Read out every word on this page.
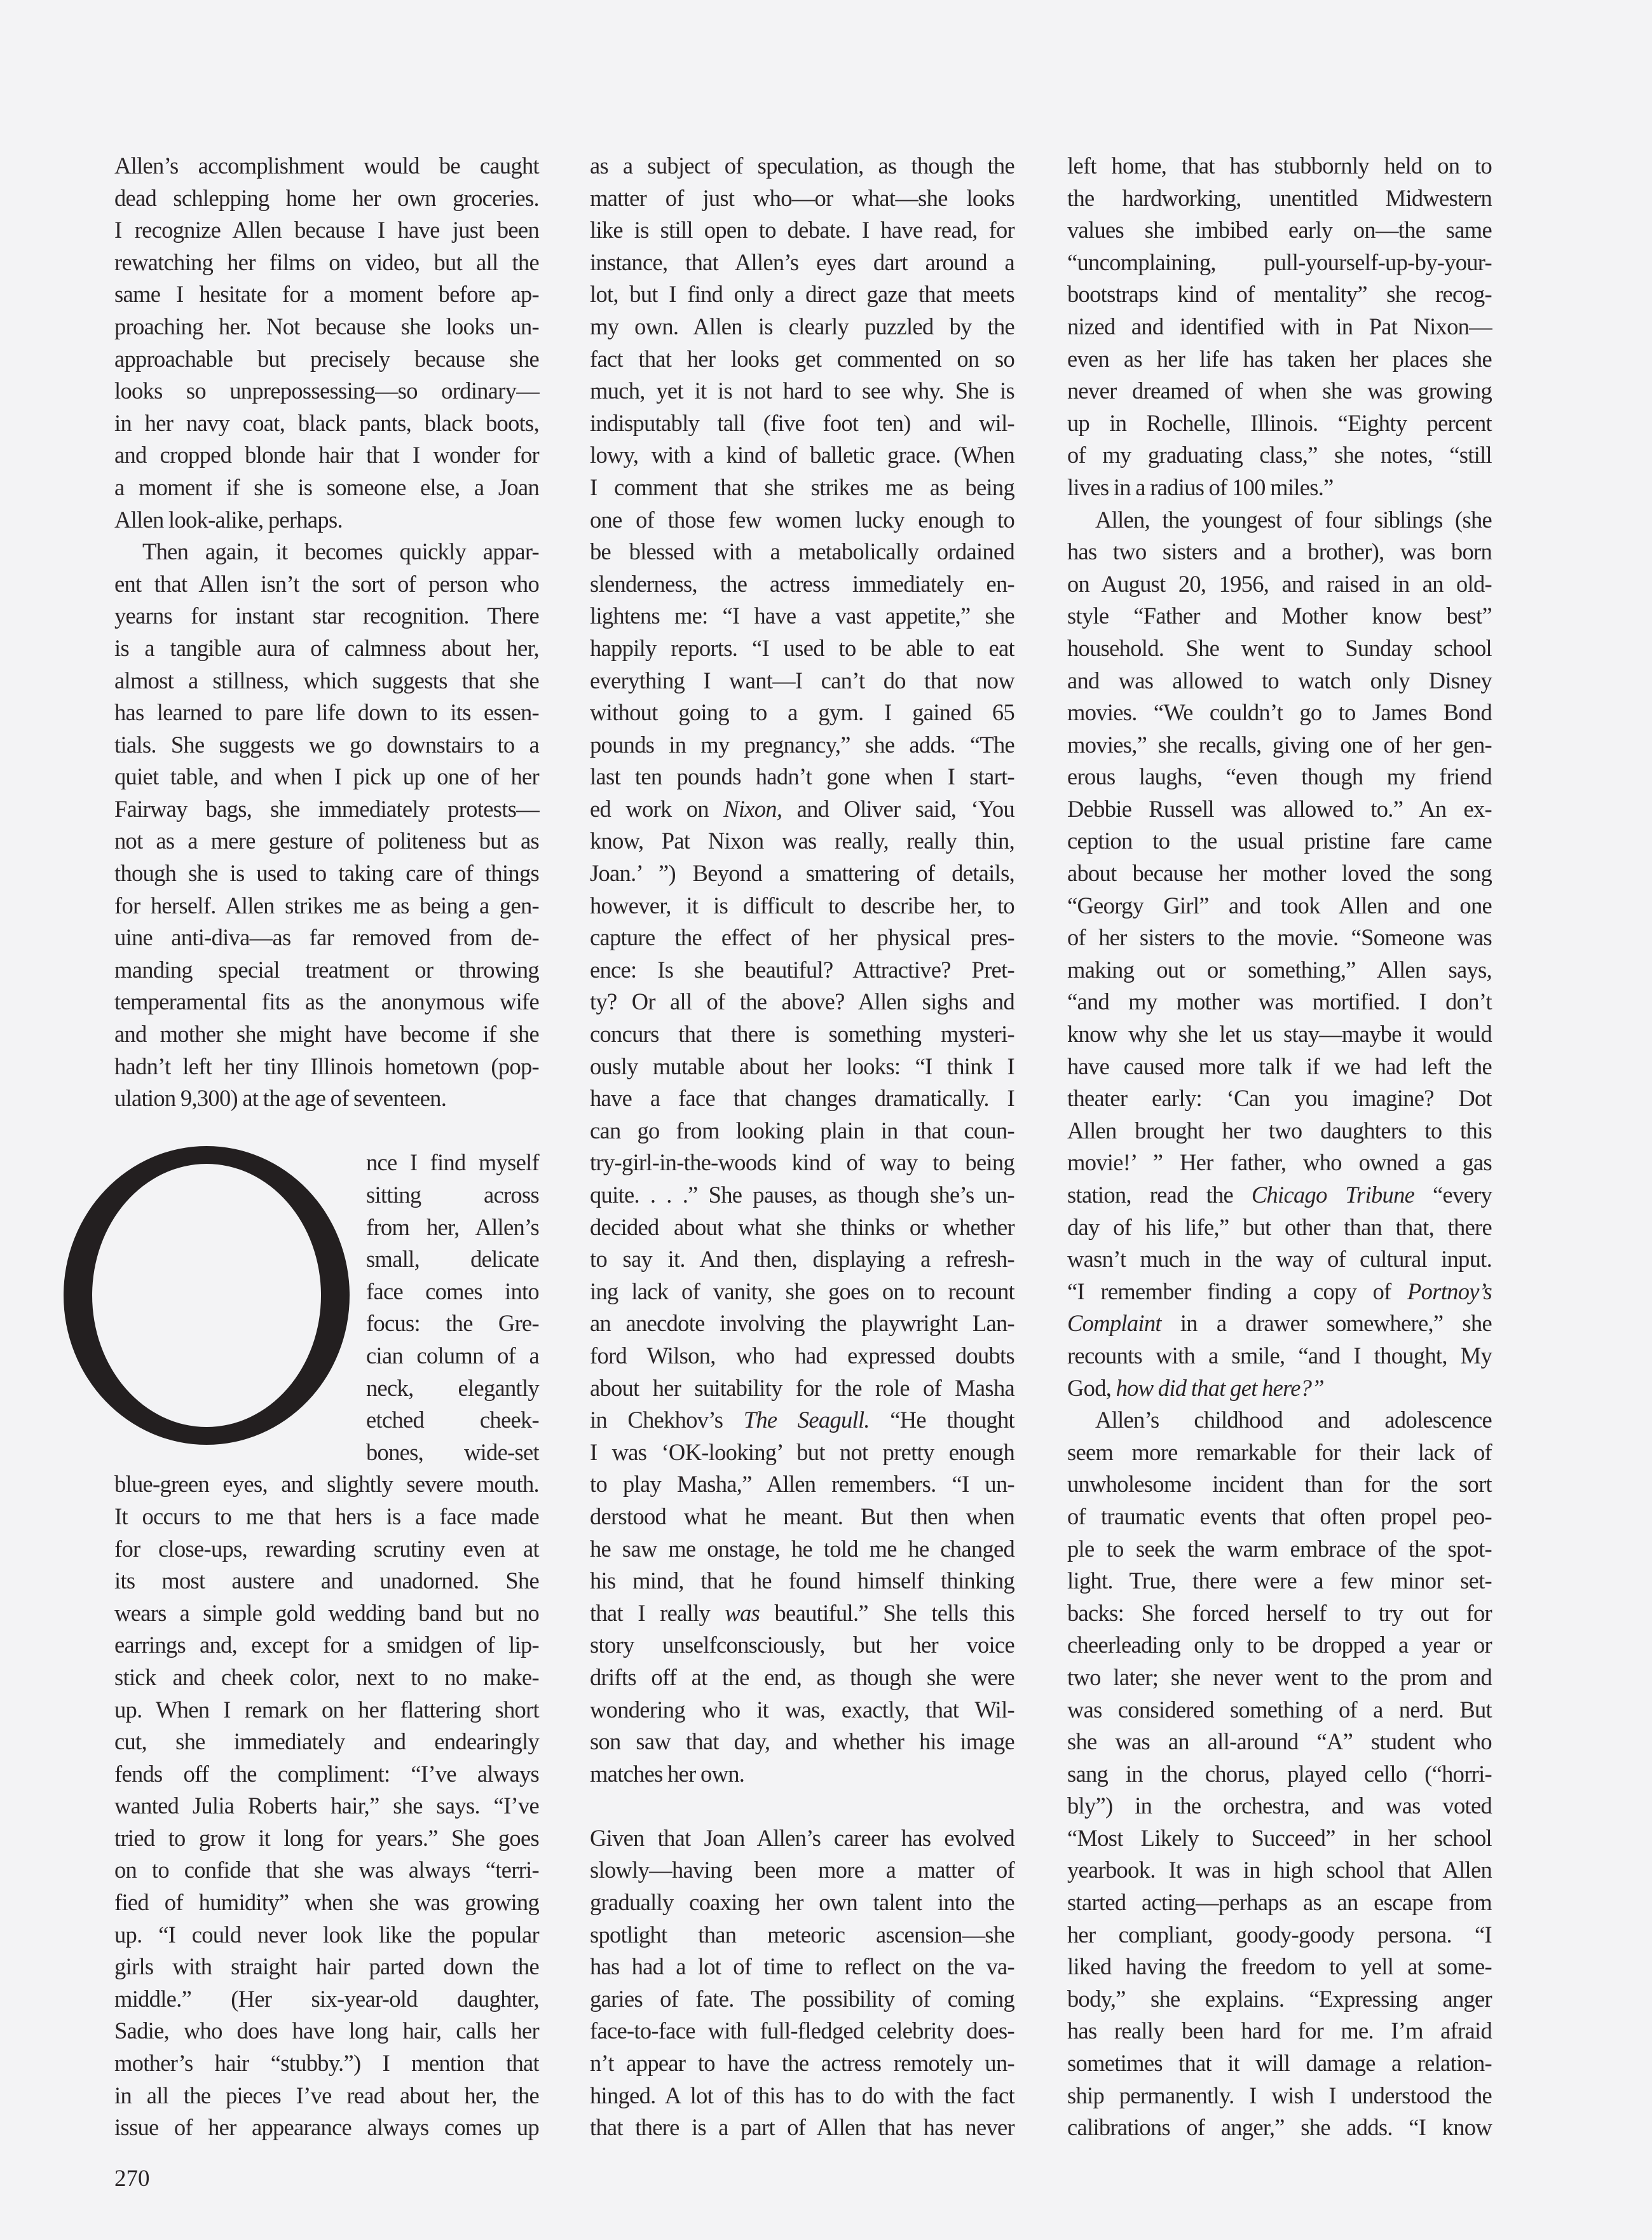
Allen’s accomplishment would be caught
dead schlepping home her own groceries.
I recognize Allen because I have just been
rewatching her films on video, but all the
same I hesitate for a moment before ap-
proaching her. Not because she looks un-
approachable but precisely because she
looks so unprepossessing—so ordinary—
in her navy coat, black pants, black boots,
and cropped blonde hair that I wonder for
a moment if she is someone else, a Joan
Allen look-alike, perhaps.
Then again, it becomes quickly appar-
ent that Allen isn’t the sort of person who
yearns for instant star recognition. There
is a tangible aura of calmness about her,
almost a stillness, which suggests that she
has learned to pare life down to its essen-
tials. She suggests we go downstairs to a
quiet table, and when I pick up one of her
Fairway bags, she immediately protests—
not as a mere gesture of politeness but as
though she is used to taking care of things
for herself. Allen strikes me as being a gen-
uine anti-diva—as far removed from de-
manding special treatment or throwing
temperamental fits as the anonymous wife
and mother she might have become if she
hadn’t left her tiny Illinois hometown (pop-
ulation 9,300) at the age of seventeen.
nce I find myself
sitting across
from her, Allen’s
small, delicate
face comes into
focus: the Gre-
cian column of a
neck, elegantly
etched cheek-
bones, wide-set
blue-green eyes, and slightly severe mouth.
It occurs to me that hers is a face made
for close-ups, rewarding scrutiny even at
its most austere and unadorned. She
wears a simple gold wedding band but no
earrings and, except for a smidgen of lip-
stick and cheek color, next to no make-
up. When I remark on her flattering short
cut, she immediately and endearingly
fends off the compliment: “I’ve always
wanted Julia Roberts hair,” she says. “I’ve
tried to grow it long for years.” She goes
on to confide that she was always “terri-
fied of humidity” when she was growing
up. “I could never look like the popular
girls with straight hair parted down the
middle.” (Her six-year-old daughter,
Sadie, who does have long hair, calls her
mother’s hair “stubby.”) I mention that
in all the pieces I’ve read about her, the
issue of her appearance always comes up
as a subject of speculation, as though the
matter of just who—or what—she looks
like is still open to debate. I have read, for
instance, that Allen’s eyes dart around a
lot, but I find only a direct gaze that meets
my own. Allen is clearly puzzled by the
fact that her looks get commented on so
much, yet it is not hard to see why. She is
indisputably tall (five foot ten) and wil-
lowy, with a kind of balletic grace. (When
I comment that she strikes me as being
one of those few women lucky enough to
be blessed with a metabolically ordained
slenderness, the actress immediately en-
lightens me: “I have a vast appetite,” she
happily reports. “I used to be able to eat
everything I want—I can’t do that now
without going to a gym. I gained 65
pounds in my pregnancy,” she adds. “The
last ten pounds hadn’t gone when I start-
ed work on Nixon, and Oliver said, ‘You
know, Pat Nixon was really, really thin,
Joan.’ ”) Beyond a smattering of details,
however, it is difficult to describe her, to
capture the effect of her physical pres-
ence: Is she beautiful? Attractive? Pret-
ty? Or all of the above? Allen sighs and
concurs that there is something mysteri-
ously mutable about her looks: “I think I
have a face that changes dramatically. I
can go from looking plain in that coun-
try-girl-in-the-woods kind of way to being
quite. . . .” She pauses, as though she’s un-
decided about what she thinks or whether
to say it. And then, displaying a refresh-
ing lack of vanity, she goes on to recount
an anecdote involving the playwright Lan-
ford Wilson, who had expressed doubts
about her suitability for the role of Masha
in Chekhov’s The Seagull. “He thought
I was ‘OK-looking’ but not pretty enough
to play Masha,” Allen remembers. “I un-
derstood what he meant. But then when
he saw me onstage, he told me he changed
his mind, that he found himself thinking
that I really was beautiful.” She tells this
story unselfconsciously, but her voice
drifts off at the end, as though she were
wondering who it was, exactly, that Wil-
son saw that day, and whether his image
matches her own.
Given that Joan Allen’s career has evolved
slowly—having been more a matter of
gradually coaxing her own talent into the
spotlight than meteoric ascension—she
has had a lot of time to reflect on the va-
garies of fate. The possibility of coming
face-to-face with full-fledged celebrity does-
n’t appear to have the actress remotely un-
hinged. A lot of this has to do with the fact
that there is a part of Allen that has never
left home, that has stubbornly held on to
the hardworking, unentitled Midwestern
values she imbibed early on—the same
“uncomplaining, pull-yourself-up-by-your-
bootstraps kind of mentality” she recog-
nized and identified with in Pat Nixon—
even as her life has taken her places she
never dreamed of when she was growing
up in Rochelle, Illinois. “Eighty percent
of my graduating class,” she notes, “still
lives in a radius of 100 miles.”
Allen, the youngest of four siblings (she
has two sisters and a brother), was born
on August 20, 1956, and raised in an old-
style “Father and Mother know best”
household. She went to Sunday school
and was allowed to watch only Disney
movies. “We couldn’t go to James Bond
movies,” she recalls, giving one of her gen-
erous laughs, “even though my friend
Debbie Russell was allowed to.” An ex-
ception to the usual pristine fare came
about because her mother loved the song
“Georgy Girl” and took Allen and one
of her sisters to the movie. “Someone was
making out or something,” Allen says,
“and my mother was mortified. I don’t
know why she let us stay—maybe it would
have caused more talk if we had left the
theater early: ‘Can you imagine? Dot
Allen brought her two daughters to this
movie!’ ” Her father, who owned a gas
station, read the Chicago Tribune “every
day of his life,” but other than that, there
wasn’t much in the way of cultural input.
“I remember finding a copy of Portnoy’s
Complaint in a drawer somewhere,” she
recounts with a smile, “and I thought, My
God, how did that get here?”
Allen’s childhood and adolescence
seem more remarkable for their lack of
unwholesome incident than for the sort
of traumatic events that often propel peo-
ple to seek the warm embrace of the spot-
light. True, there were a few minor set-
backs: She forced herself to try out for
cheerleading only to be dropped a year or
two later; she never went to the prom and
was considered something of a nerd. But
she was an all-around “A” student who
sang in the chorus, played cello (“horri-
bly”) in the orchestra, and was voted
“Most Likely to Succeed” in her school
yearbook. It was in high school that Allen
started acting—perhaps as an escape from
her compliant, goody-goody persona. “I
liked having the freedom to yell at some-
body,” she explains. “Expressing anger
has really been hard for me. I’m afraid
sometimes that it will damage a relation-
ship permanently. I wish I understood the
calibrations of anger,” she adds. “I know
270
